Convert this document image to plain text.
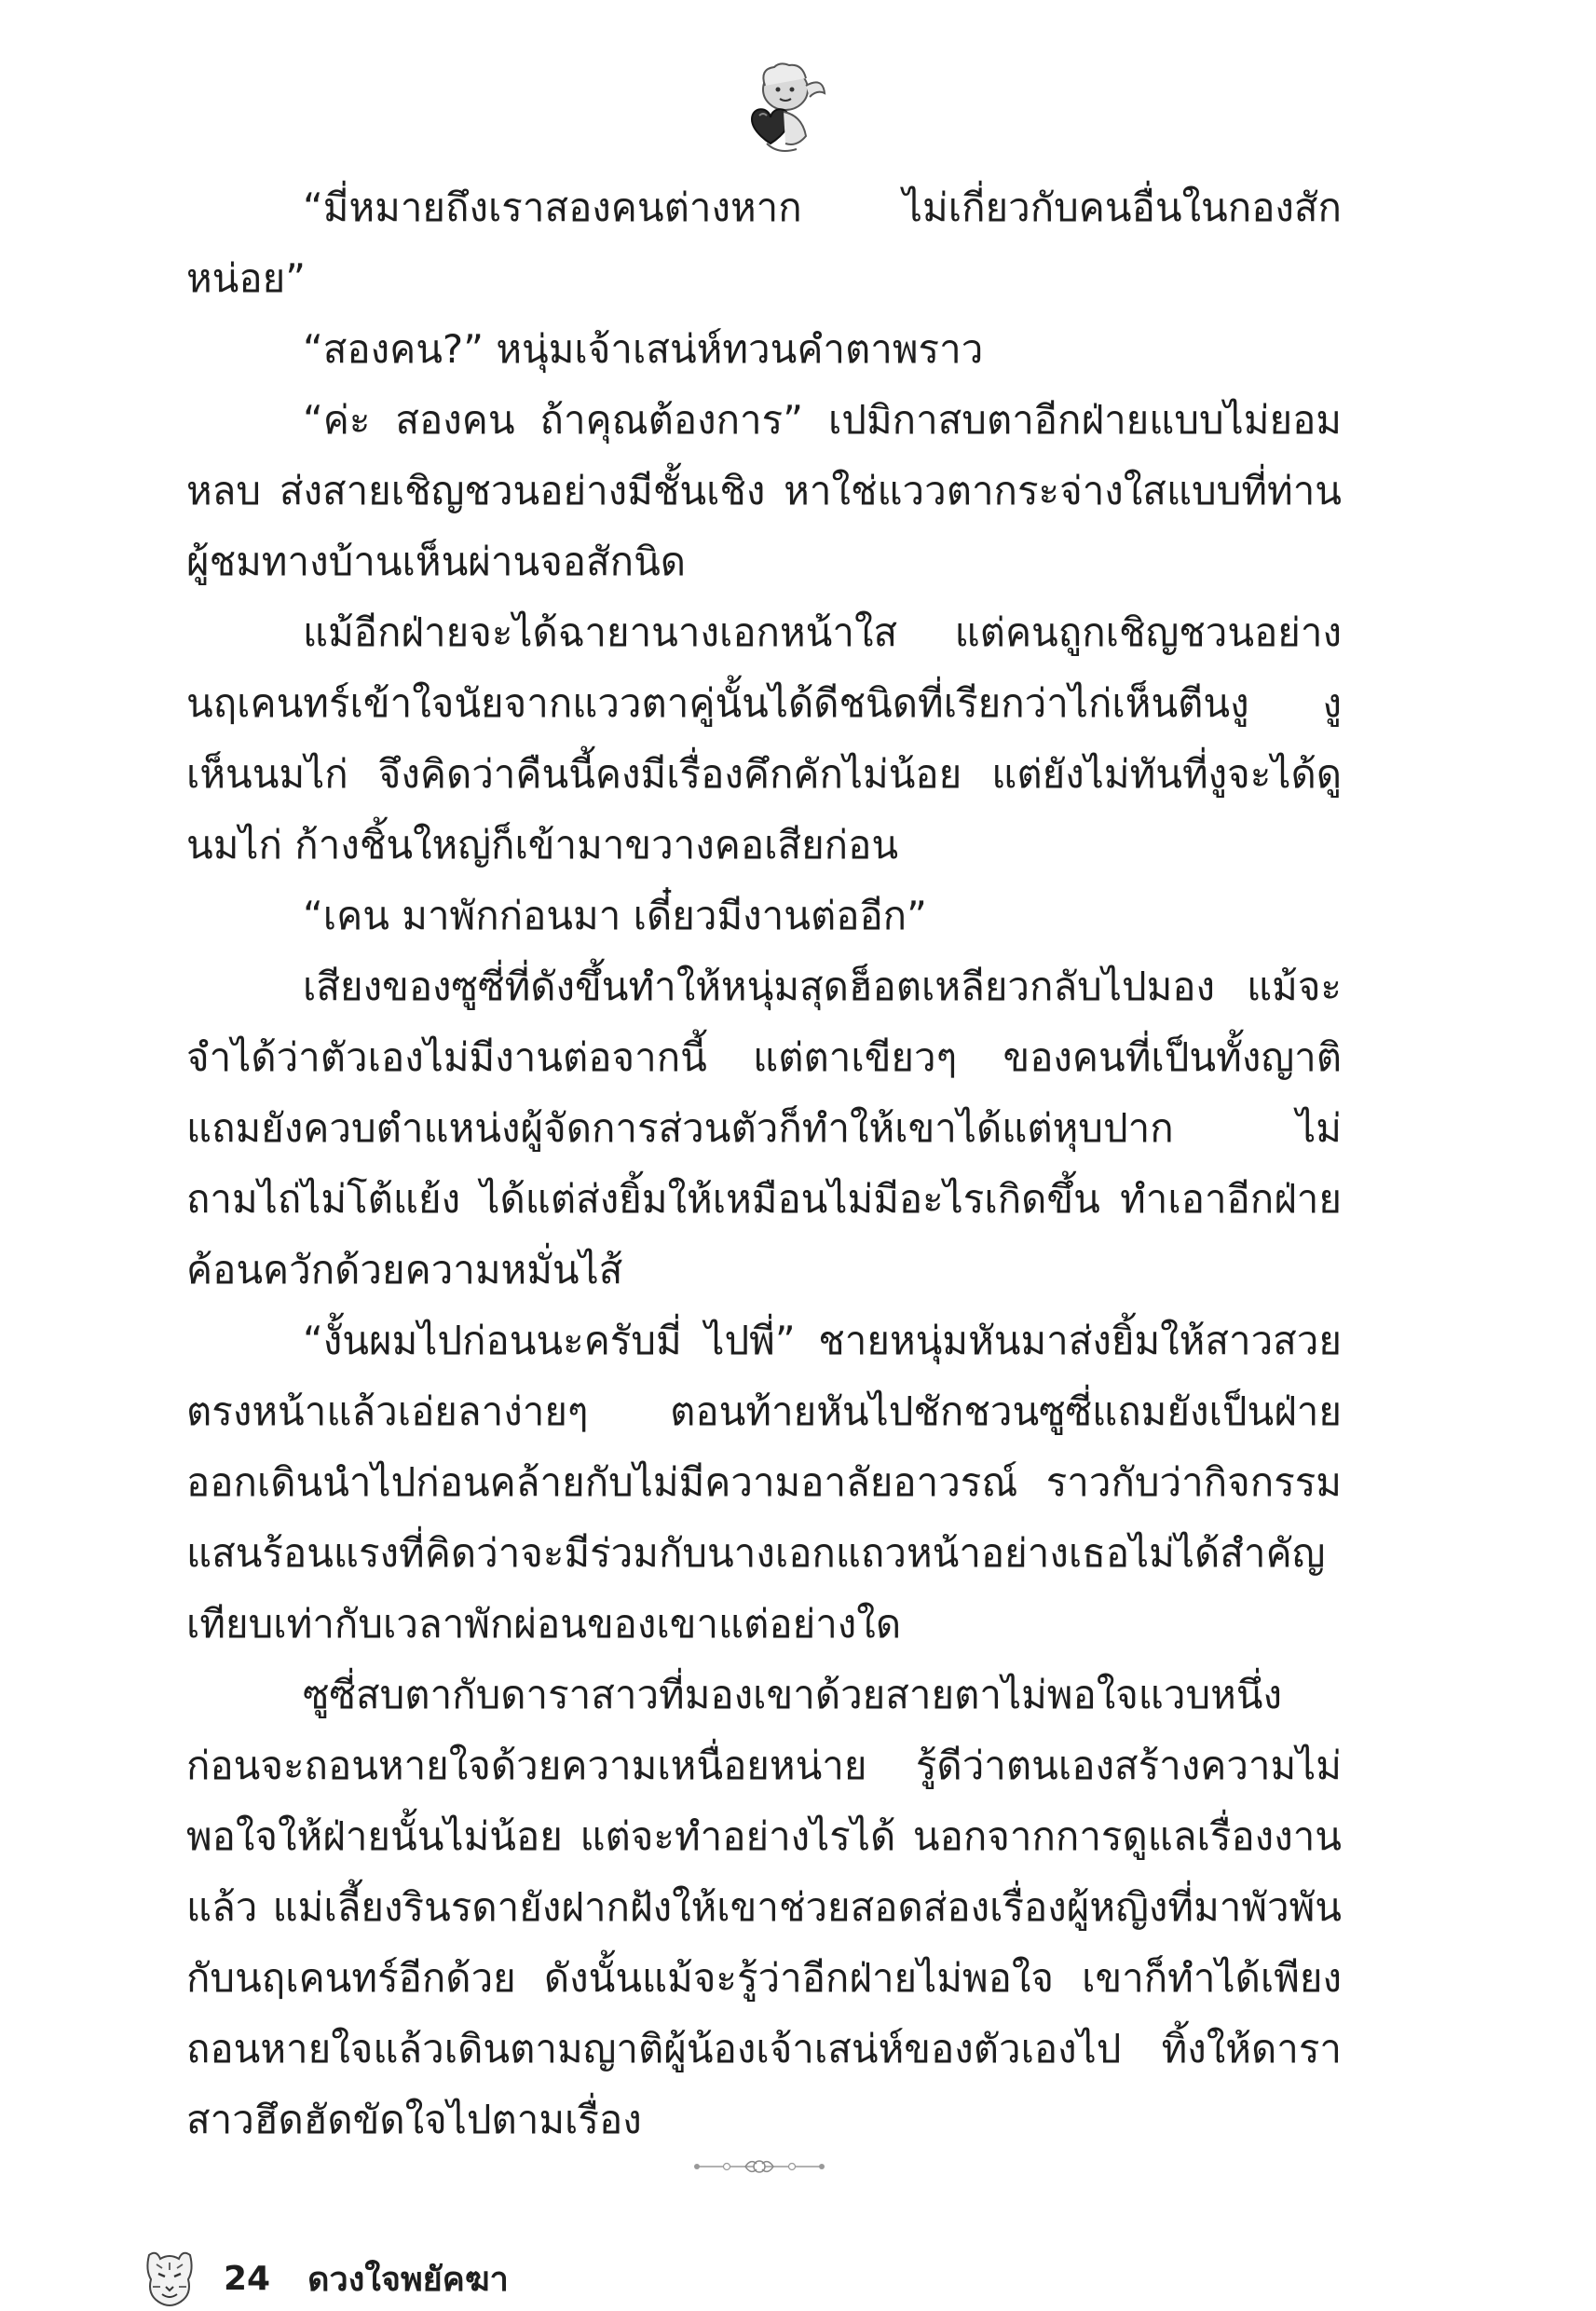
“มี่หมายถึงเราสองคนต่างหาก ไม่เกี่ยวกับคนอื่นในกองสักหน่อย”

“สองคน?” หนุ่มเจ้าเสน่ห์ทวนคำตาพราว

“ค่ะ สองคน ถ้าคุณต้องการ” เปมิกาสบตาอีกฝ่ายแบบไม่ยอมหลบ ส่งสายเชิญชวนอย่างมีชั้นเชิง หาใช่แววตากระจ่างใสแบบที่ท่านผู้ชมทางบ้านเห็นผ่านจอสักนิด

แม้อีกฝ่ายจะได้ฉายานางเอกหน้าใส แต่คนถูกเชิญชวนอย่างนฤเคนทร์เข้าใจนัยจากแววตาคู่นั้นได้ดีชนิดที่เรียกว่าไก่เห็นตีนงู งูเห็นนมไก่ จึงคิดว่าคืนนี้คงมีเรื่องคึกคักไม่น้อย แต่ยังไม่ทันที่งูจะได้ดูนมไก่ ก้างชิ้นใหญ่ก็เข้ามาขวางคอเสียก่อน

“เคน มาพักก่อนมา เดี๋ยวมีงานต่ออีก”

เสียงของซูซี่ที่ดังขึ้นทำให้หนุ่มสุดฮ็อตเหลียวกลับไปมอง แม้จะจำได้ว่าตัวเองไม่มีงานต่อจากนี้ แต่ตาเขียวๆ ของคนที่เป็นทั้งญาติแถมยังควบตำแหน่งผู้จัดการส่วนตัวก็ทำให้เขาได้แต่หุบปาก ไม่ถามไถ่ไม่โต้แย้ง ได้แต่ส่งยิ้มให้เหมือนไม่มีอะไรเกิดขึ้น ทำเอาอีกฝ่ายค้อนควักด้วยความหมั่นไส้

“งั้นผมไปก่อนนะครับมี่ ไปพี่” ชายหนุ่มหันมาส่งยิ้มให้สาวสวยตรงหน้าแล้วเอ่ยลาง่ายๆ ตอนท้ายหันไปชักชวนซูซี่แถมยังเป็นฝ่ายออกเดินนำไปก่อนคล้ายกับไม่มีความอาลัยอาวรณ์ ราวกับว่ากิจกรรมแสนร้อนแรงที่คิดว่าจะมีร่วมกับนางเอกแถวหน้าอย่างเธอไม่ได้สำคัญเทียบเท่ากับเวลาพักผ่อนของเขาแต่อย่างใด

ซูซี่สบตากับดาราสาวที่มองเขาด้วยสายตาไม่พอใจแวบหนึ่งก่อนจะถอนหายใจด้วยความเหนื่อยหน่าย รู้ดีว่าตนเองสร้างความไม่พอใจให้ฝ่ายนั้นไม่น้อย แต่จะทำอย่างไรได้ นอกจากการดูแลเรื่องงานแล้ว แม่เลี้ยงรินรดายังฝากฝังให้เขาช่วยสอดส่องเรื่องผู้หญิงที่มาพัวพันกับนฤเคนทร์อีกด้วย ดังนั้นแม้จะรู้ว่าอีกฝ่ายไม่พอใจ เขาก็ทำได้เพียงถอนหายใจแล้วเดินตามญาติผู้น้องเจ้าเสน่ห์ของตัวเองไป ทิ้งให้ดาราสาวฮึดฮัดขัดใจไปตามเรื่อง

24 ดวงใจพยัคฆา
